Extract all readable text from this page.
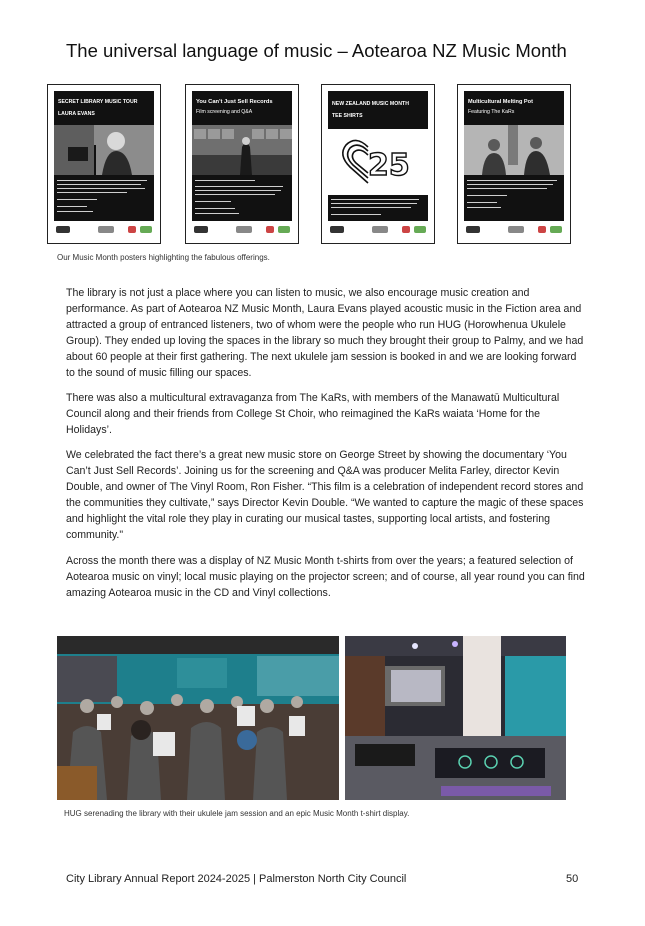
The universal language of music – Aotearoa NZ Music Month
SECRET LIBRARY MUSIC TOUR
LAURA EVANS
You Can't Just Sell Records
Film screening and Q&A
NEW ZEALAND MUSIC MONTH
TEE SHIRTS
25
Multicultural Melting Pot
Featuring The KaRs
Our Music Month posters highlighting the fabulous offerings.

The library is not just a place where you can listen to music, we also encourage music creation and performance. As part of Aotearoa NZ Music Month, Laura Evans played acoustic music in the Fiction area and attracted a group of entranced listeners, two of whom were the people who run HUG (Horowhenua Ukulele Group). They ended up loving the spaces in the library so much they brought their group to Palmy, and we had about 60 people at their first gathering. The next ukulele jam session is booked in and we are looking forward to the sound of music filling our spaces.

There was also a multicultural extravaganza from The KaRs, with members of the Manawatū Multicultural Council along and their friends from College St Choir, who reimagined the KaRs waiata ‘Home for the Holidays’.

We celebrated the fact there’s a great new music store on George Street by showing the documentary ‘You Can’t Just Sell Records’. Joining us for the screening and Q&A was producer Melita Farley, director Kevin Double, and owner of The Vinyl Room, Ron Fisher. “This film is a celebration of independent record stores and the communities they cultivate,” says Director Kevin Double. “We wanted to capture the magic of these spaces and highlight the vital role they play in curating our musical tastes, supporting local artists, and fostering community."

Across the month there was a display of NZ Music Month t-shirts from over the years; a featured selection of Aotearoa music on vinyl; local music playing on the projector screen; and of course, all year round you can find amazing Aotearoa music in the CD and Vinyl collections.

HUG serenading the library with their ukulele jam session and an epic Music Month t-shirt display.
City Library Annual Report 2024-2025 | Palmerston North City Council	50
